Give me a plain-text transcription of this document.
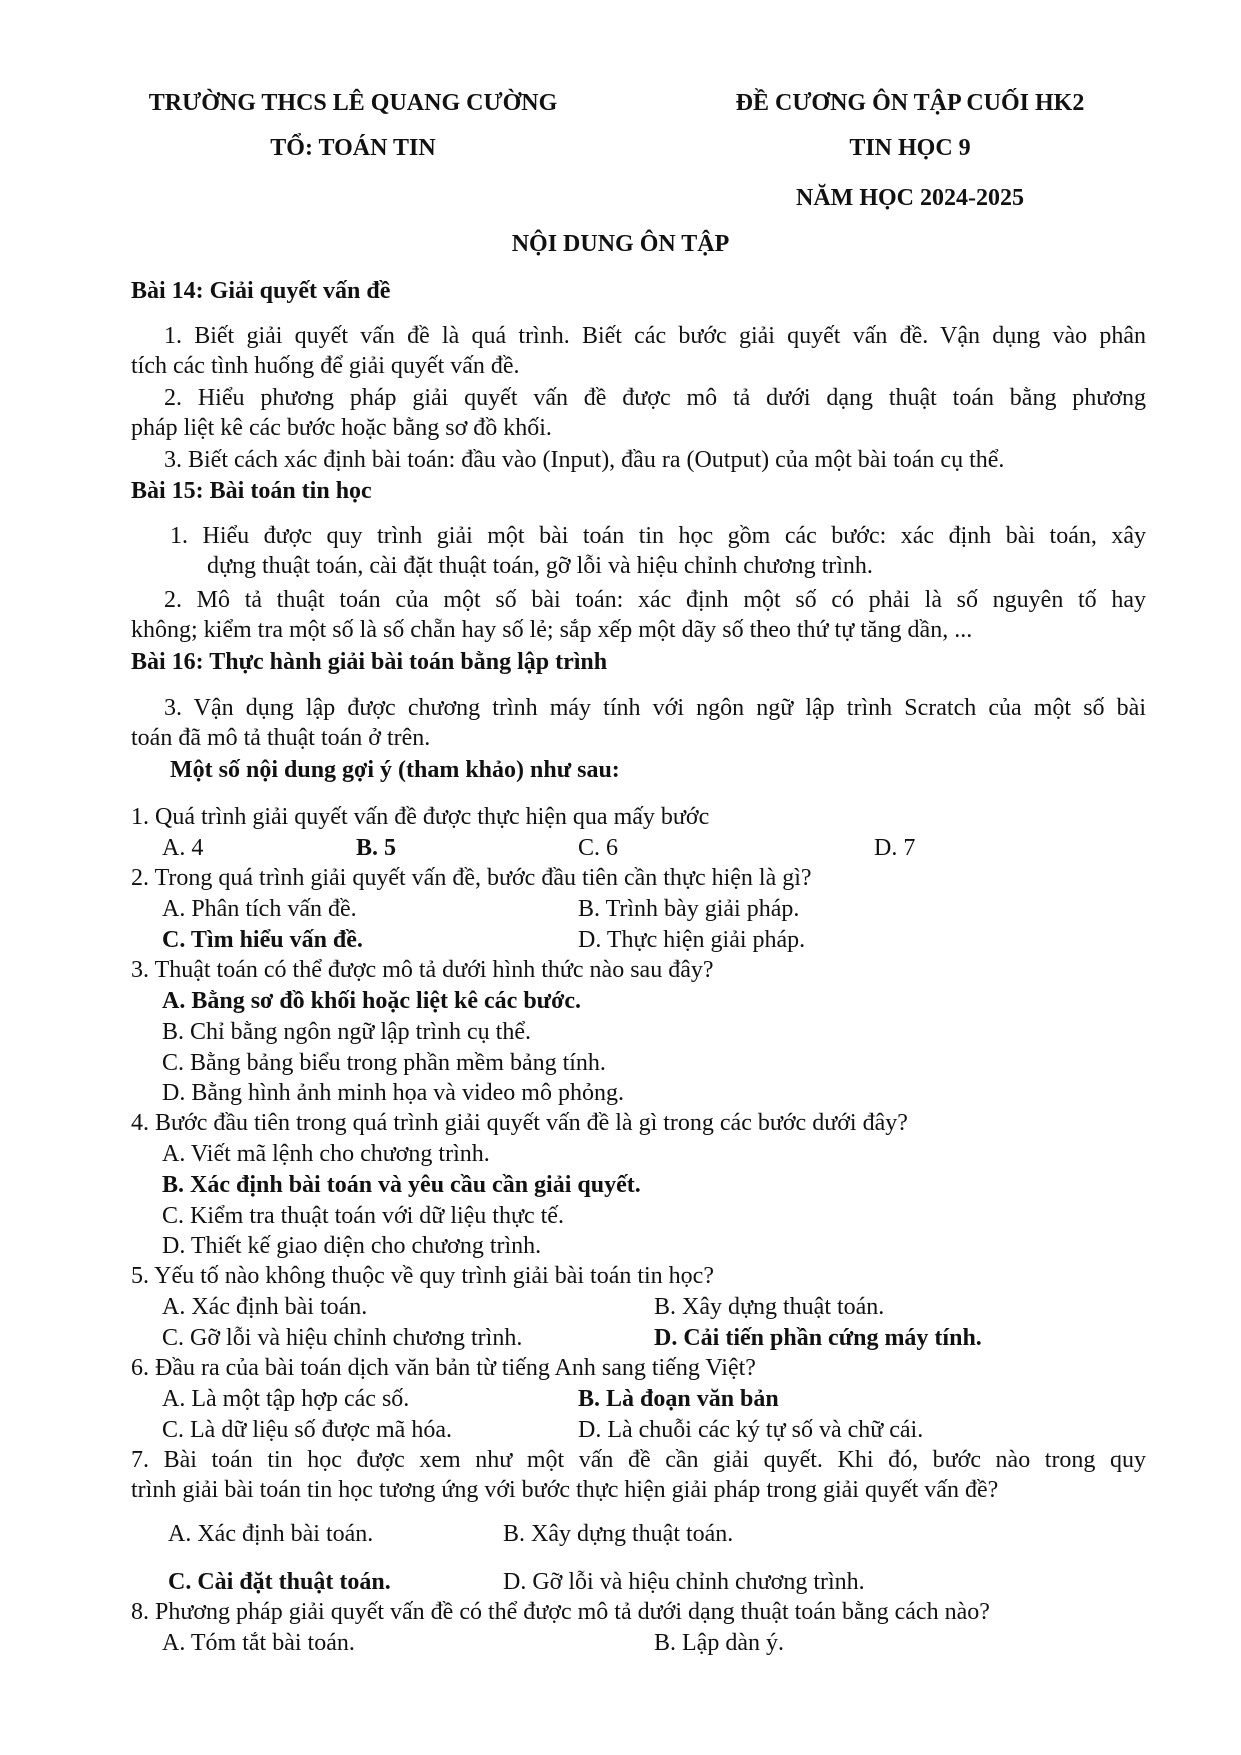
TRƯỜNG THCS LÊ QUANG CƯỜNG
TỔ: TOÁN TIN
ĐỀ CƯƠNG ÔN TẬP CUỐI HK2
TIN HỌC 9
NĂM HỌC 2024-2025
NỘI DUNG ÔN TẬP
Bài 14: Giải quyết vấn đề
1. Biết giải quyết vấn đề là quá trình. Biết các bước giải quyết vấn đề. Vận dụng vào phân
tích các tình huống để giải quyết vấn đề.
2. Hiểu phương pháp giải quyết vấn đề được mô tả dưới dạng thuật toán bằng phương
pháp liệt kê các bước hoặc bằng sơ đồ khối.
3. Biết cách xác định bài toán: đầu vào (Input), đầu ra (Output) của một bài toán cụ thể.
Bài 15: Bài toán tin học
1. Hiểu được quy trình giải một bài toán tin học gồm các bước: xác định bài toán, xây
dựng thuật toán, cài đặt thuật toán, gỡ lỗi và hiệu chỉnh chương trình.
2. Mô tả thuật toán của một số bài toán: xác định một số có phải là số nguyên tố hay
không; kiểm tra một số là số chẵn hay số lẻ; sắp xếp một dãy số theo thứ tự tăng dần, ...
Bài 16: Thực hành giải bài toán bằng lập trình
3. Vận dụng lập được chương trình máy tính với ngôn ngữ lập trình Scratch của một số bài
toán đã mô tả thuật toán ở trên.
Một số nội dung gợi ý (tham khảo) như sau:
1. Quá trình giải quyết vấn đề được thực hiện qua mấy bước
A. 4	B. 5	C. 6	D. 7
2. Trong quá trình giải quyết vấn đề, bước đầu tiên cần thực hiện là gì?
A. Phân tích vấn đề.	B. Trình bày giải pháp.
C. Tìm hiểu vấn đề.	D. Thực hiện giải pháp.
3. Thuật toán có thể được mô tả dưới hình thức nào sau đây?
A. Bằng sơ đồ khối hoặc liệt kê các bước.
B. Chỉ bằng ngôn ngữ lập trình cụ thể.
C. Bằng bảng biểu trong phần mềm bảng tính.
D. Bằng hình ảnh minh họa và video mô phỏng.
4. Bước đầu tiên trong quá trình giải quyết vấn đề là gì trong các bước dưới đây?
A. Viết mã lệnh cho chương trình.
B. Xác định bài toán và yêu cầu cần giải quyết.
C. Kiểm tra thuật toán với dữ liệu thực tế.
D. Thiết kế giao diện cho chương trình.
5. Yếu tố nào không thuộc về quy trình giải bài toán tin học?
A. Xác định bài toán.	B. Xây dựng thuật toán.
C. Gỡ lỗi và hiệu chỉnh chương trình.	D. Cải tiến phần cứng máy tính.
6. Đầu ra của bài toán dịch văn bản từ tiếng Anh sang tiếng Việt?
A. Là một tập hợp các số.	B. Là đoạn văn bản
C. Là dữ liệu số được mã hóa.	D. Là chuỗi các ký tự số và chữ cái.
7. Bài toán tin học được xem như một vấn đề cần giải quyết. Khi đó, bước nào trong quy
trình giải bài toán tin học tương ứng với bước thực hiện giải pháp trong giải quyết vấn đề?
A. Xác định bài toán.	B. Xây dựng thuật toán.
C. Cài đặt thuật toán.	D. Gỡ lỗi và hiệu chỉnh chương trình.
8. Phương pháp giải quyết vấn đề có thể được mô tả dưới dạng thuật toán bằng cách nào?
A. Tóm tắt bài toán.	B. Lập dàn ý.
